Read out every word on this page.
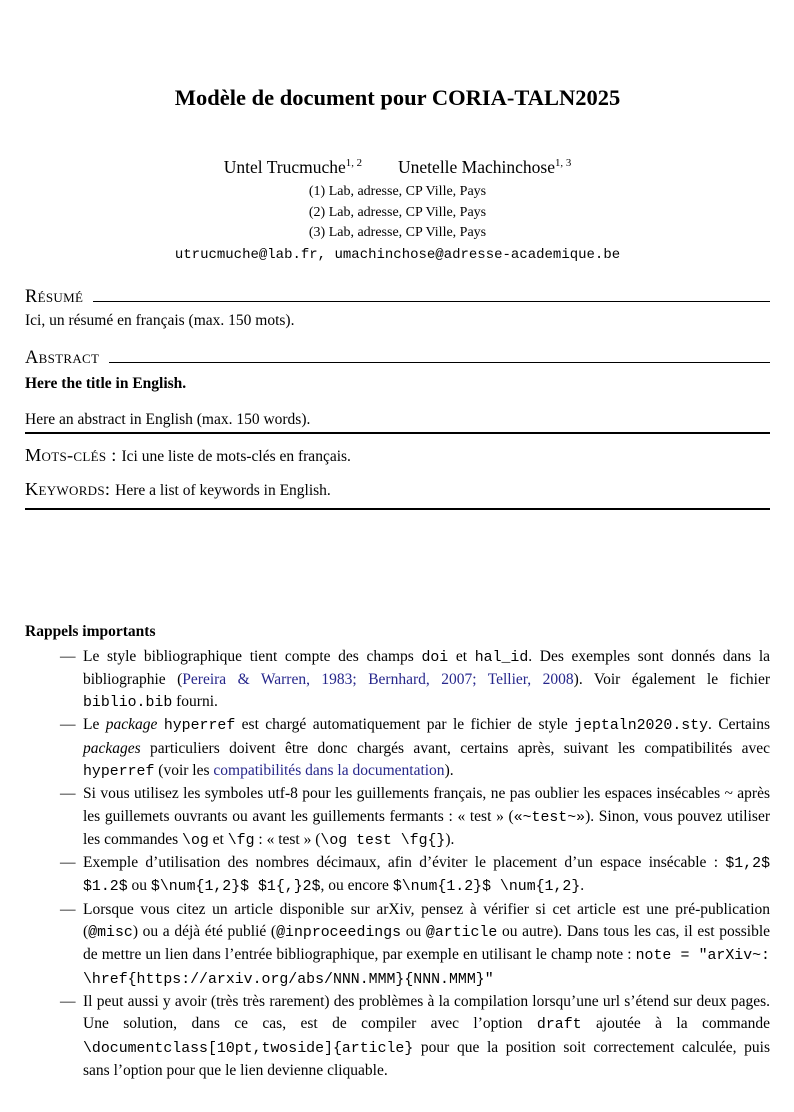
Modèle de document pour CORIA-TALN2025
Untel Trucmuche$^{1, 2}$ Unetelle Machinchose$^{1, 3}$

(1) Lab, adresse, CP Ville, Pays

(2) Lab, adresse, CP Ville, Pays

(3) Lab, adresse, CP Ville, Pays

utrucmuche@lab.fr, umachinchose@adresse-academique.be
Résumé

Ici, un résumé en français (max. 150 mots).

Abstract

Here the title in English.

Here an abstract in English (max. 150 words).

Mots-clés : Ici une liste de mots-clés en français.

Keywords: Here a list of keywords in English.

Rappels importants
— Le style bibliographique tient compte des champs doi et hal_id. Des exemples sont donnés dans la bibliographie (Pereira & Warren, 1983; Bernhard, 2007; Tellier, 2008). Voir également le fichier biblio.bib fourni.
— Le package hyperref est chargé automatiquement par le fichier de style jeptaln2020.sty. Certains packages particuliers doivent être donc chargés avant, certains après, suivant les compatibilités avec hyperref (voir les compatibilités dans la documentation).
— Si vous utilisez les symboles utf-8 pour les guillements français, ne pas oublier les espaces insécables ~ après les guillemets ouvrants ou avant les guillements fermants : « test » («~test~»). Sinon, vous pouvez utiliser les commandes \og et \fg : « test » (\og test \fg{}).
— Exemple d’utilisation des nombres décimaux, afin d’éviter le placement d’un espace insécable : $1,2$ $1.2$ ou $\num{1,2}$ $1{,}2$, ou encore $\num{1.2}$ \num{1,2}.
— Lorsque vous citez un article disponible sur arXiv, pensez à vérifier si cet article est une pré-publication (@misc) ou a déjà été publié (@inproceedings ou @article ou autre). Dans tous les cas, il est possible de mettre un lien dans l’entrée bibliographique, par exemple en utilisant le champ note : note = "arXiv~: \href{https://arxiv.org/abs/NNN.MMM}{NNN.MMM}"
— Il peut aussi y avoir (très très rarement) des problèmes à la compilation lorsqu’une url s’étend sur deux pages. Une solution, dans ce cas, est de compiler avec l’option draft ajoutée à la commande \documentclass[10pt,twoside]{article} pour que la position soit correctement calculée, puis sans l’option pour que le lien devienne cliquable.
